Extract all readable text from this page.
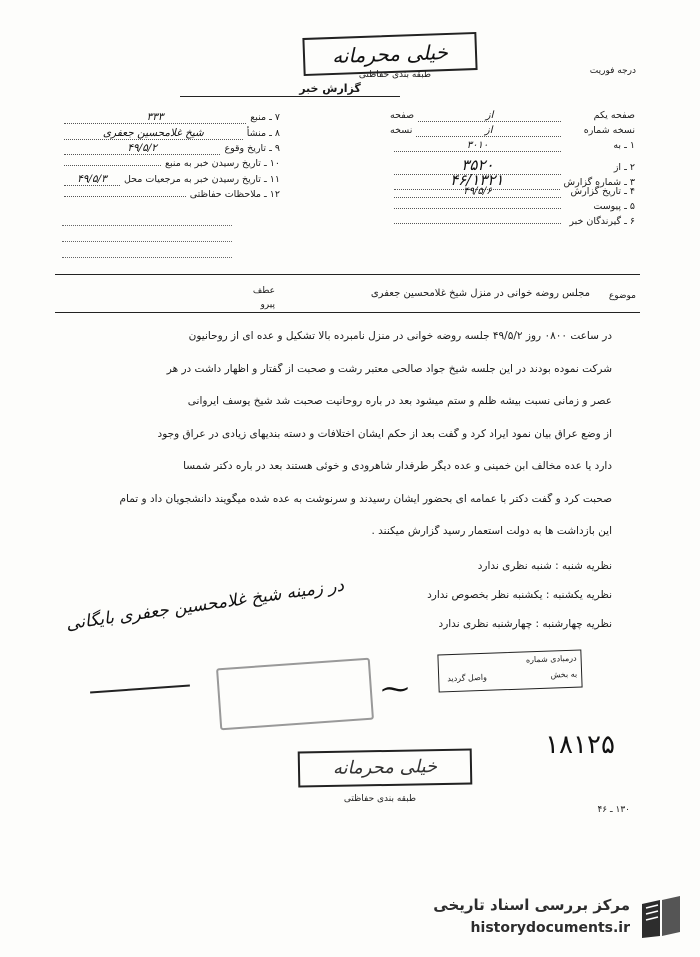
خیلی محرمانه
طبقه بندی حفاظتی	درجه فوریت
گزارش خبر
۷ ـ منبع
۳۳۳
۸ ـ منشأ
شیخ غلامحسین جعفری
۹ ـ تاریخ وقوع
۴۹/۵/۲
۱۰ ـ تاریخ رسیدن خبر به منبع
۱۱ ـ تاریخ رسیدن خبر به مرجعیات محل
۴۹/۵/۳
۱۲ ـ ملاحظات حفاظتی
صفحه یکم
از
صفحه
نسخه شماره
از
نسخه
۱ ـ به
۳۰۱۰
۲ ـ از
۳۵۲۰
۳ ـ شماره گزارش
۴۶/۱۳۲۱
۴ ـ تاریخ گزارش
۴۹/۵/۶
۵ ـ پیوست
۶ ـ گیرندگان خبر
موضوع
مجلس روضه خوانی در منزل شیخ غلامحسین جعفری
عطف
پیرو
در ساعت ۰۸۰۰ روز ۴۹/۵/۲ جلسه روضه خوانی در منزل نامبرده بالا تشکیل و عده ای از روحانیون
شرکت نموده بودند در این جلسه شیخ جواد صالحی معتبر رشت و صحبت از گفتار و اظهار داشت در هر
عصر و زمانی نسبت بیشه ظلم و ستم میشود بعد در باره روحانیت صحبت شد شیخ یوسف ایروانی
از وضع عراق بیان نمود ایراد کرد و گفت بعد از حکم ایشان اختلافات و دسته بندیهای زیادی در عراق وجود
دارد یا عده مخالف ابن خمینی و عده دیگر طرفدار شاهرودی و خوئی هستند بعد در باره دکتر شمسا
صحبت کرد و گفت دکتر با عمامه ای بحضور ایشان رسیدند و سرنوشت به عده شده میگویند دانشجویان داد و تمام
این بازداشت ها به دولت استعمار رسید گزارش میکنند .
نظریه شنبه : شنبه نظری ندارد
نظریه یکشنبه : یکشنبه نظر بخصوص ندارد
نظریه چهارشنبه : چهارشنبه نظری ندارد
در زمینه شیخ غلامحسین جعفری بایگانی
⁓
درمبادی شماره
به بخش
واصل گردید
۱۸۱۲۵
خیلی محرمانه
طبقه بندی حفاظتی
۱۳۰ ـ ۴۶
مرکز بررسی اسناد تاریخی
historydocuments.ir
